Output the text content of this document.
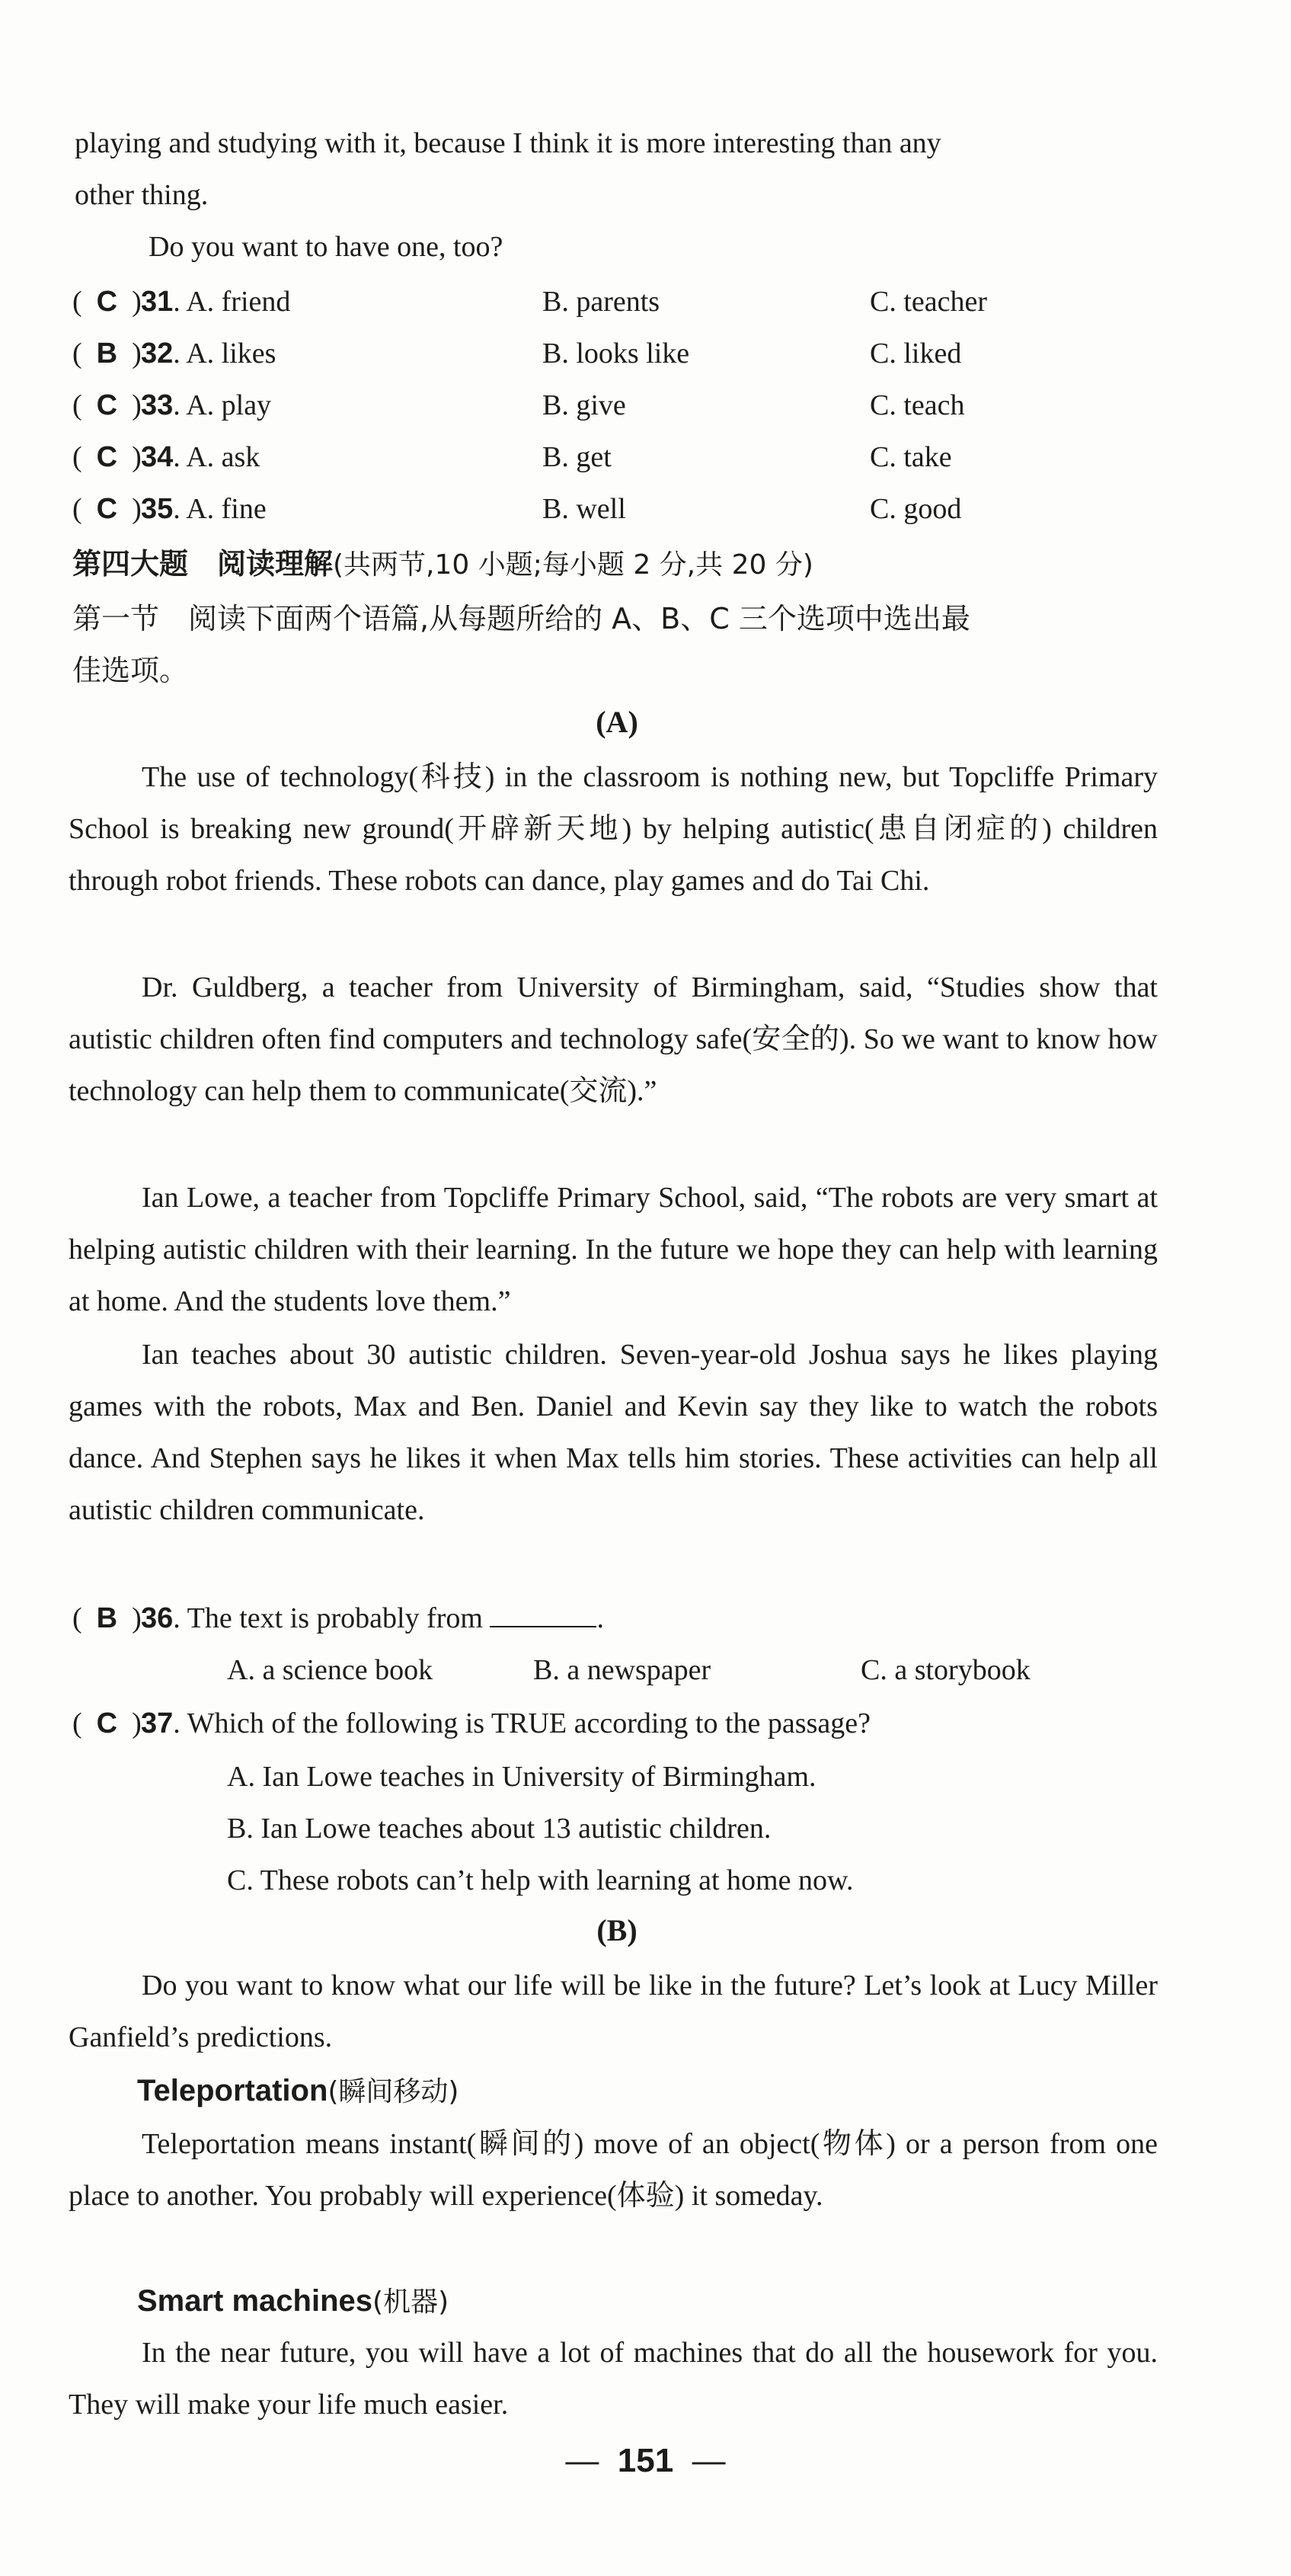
playing and studying with it, because I think it is more interesting than any
other thing.
Do you want to have one, too?
(  C  )31. A. friend	B. parents	C. teacher
(  B  )32. A. likes	B. looks like	C. liked
(  C  )33. A. play	B. give	C. teach
(  C  )34. A. ask	B. get	C. take
(  C  )35. A. fine	B. well	C. good
第四大题　阅读理解(共两节,10 小题;每小题 2 分,共 20 分)
第一节　阅读下面两个语篇,从每题所给的 A、B、C 三个选项中选出最
佳选项。
(A)
The use of technology(科技) in the classroom is nothing new, but Topcliffe Primary School is breaking new ground(开辟新天地) by helping autistic(患自闭症的) children through robot friends. These robots can dance, play games and do Tai Chi.
Dr. Guldberg, a teacher from University of Birmingham, said, “Studies show that autistic children often find computers and technology safe(安全的). So we want to know how technology can help them to communicate(交流).”
Ian Lowe, a teacher from Topcliffe Primary School, said, “The robots are very smart at helping autistic children with their learning. In the future we hope they can help with learning at home. And the students love them.”
Ian teaches about 30 autistic children. Seven-year-old Joshua says he likes playing games with the robots, Max and Ben. Daniel and Kevin say they like to watch the robots dance. And Stephen says he likes it when Max tells him stories. These activities can help all autistic children communicate.
(  B  )36. The text is probably from	.
A. a science book	B. a newspaper	C. a storybook
(  C  )37. Which of the following is TRUE according to the passage?
A. Ian Lowe teaches in University of Birmingham.
B. Ian Lowe teaches about 13 autistic children.
C. These robots can’t help with learning at home now.
(B)
Do you want to know what our life will be like in the future? Let’s look at Lucy Miller Ganfield’s predictions.
Teleportation(瞬间移动)
Teleportation means instant(瞬间的) move of an object(物体) or a person from one place to another. You probably will experience(体验) it someday.
Smart machines(机器)
In the near future, you will have a lot of machines that do all the housework for you. They will make your life much easier.
— 151 —
